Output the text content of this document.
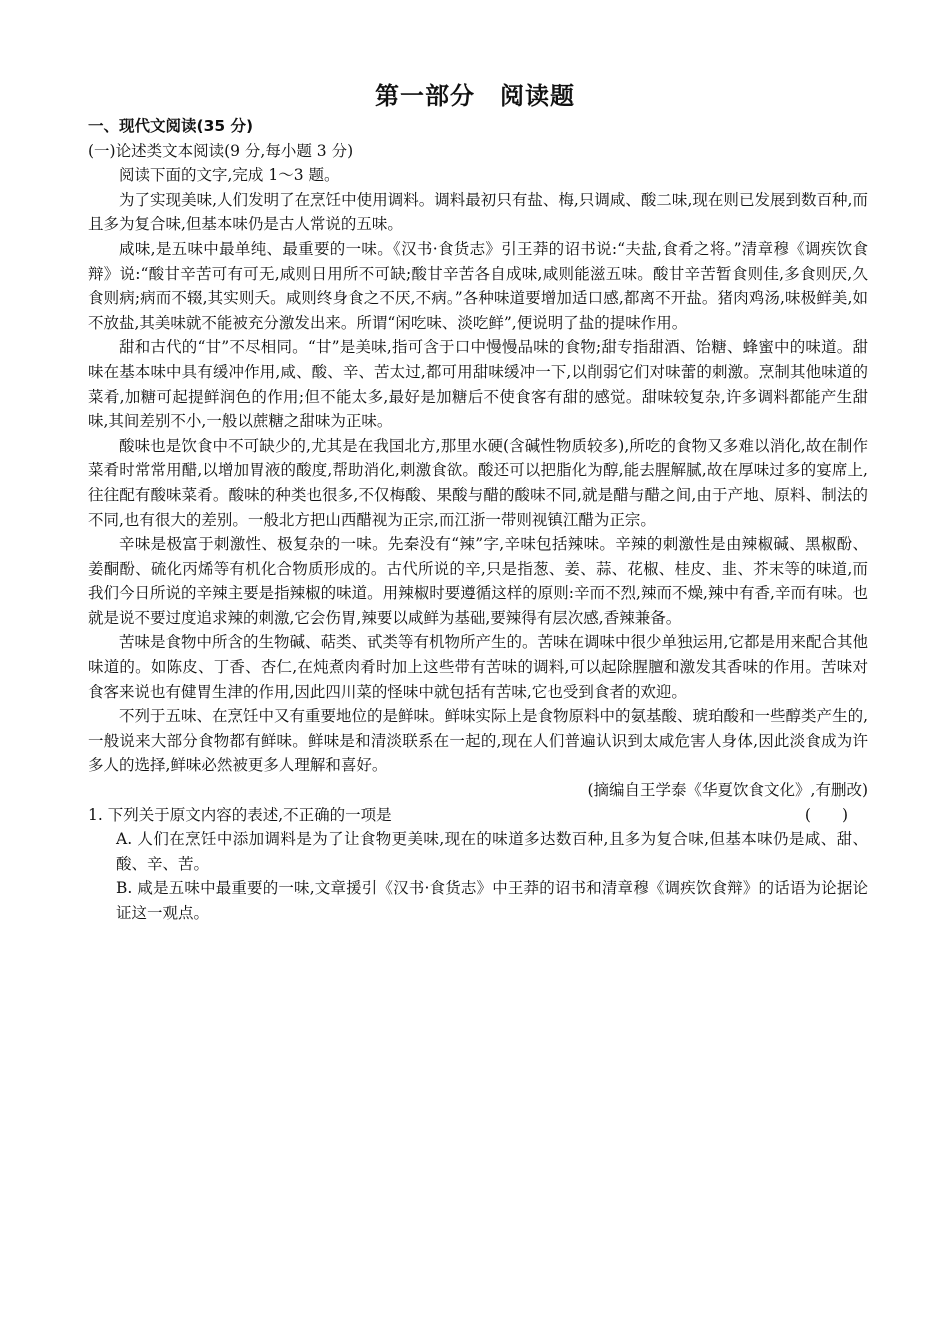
第一部分　阅读题

一、现代文阅读(35 分)

(一)论述类文本阅读(9 分,每小题 3 分)

阅读下面的文字,完成 1～3 题。

为了实现美味,人们发明了在烹饪中使用调料。调料最初只有盐、梅,只调咸、酸二味,现在则已发展到数百种,而且多为复合味,但基本味仍是古人常说的五味。

咸味,是五味中最单纯、最重要的一味。《汉书·食货志》引王莽的诏书说:“夫盐,食肴之将。”清章穆《调疾饮食辩》说:“酸甘辛苦可有可无,咸则日用所不可缺;酸甘辛苦各自成味,咸则能滋五味。酸甘辛苦暂食则佳,多食则厌,久食则病;病而不辍,其实则夭。咸则终身食之不厌,不病。”各种味道要增加适口感,都离不开盐。猪肉鸡汤,味极鲜美,如不放盐,其美味就不能被充分激发出来。所谓“闲吃味、淡吃鲜”,便说明了盐的提味作用。

甜和古代的“甘”不尽相同。“甘”是美味,指可含于口中慢慢品味的食物;甜专指甜酒、饴糖、蜂蜜中的味道。甜味在基本味中具有缓冲作用,咸、酸、辛、苦太过,都可用甜味缓冲一下,以削弱它们对味蕾的刺激。烹制其他味道的菜肴,加糖可起提鲜润色的作用;但不能太多,最好是加糖后不使食客有甜的感觉。甜味较复杂,许多调料都能产生甜味,其间差别不小,一般以蔗糖之甜味为正味。

酸味也是饮食中不可缺少的,尤其是在我国北方,那里水硬(含碱性物质较多),所吃的食物又多难以消化,故在制作菜肴时常常用醋,以增加胃液的酸度,帮助消化,刺激食欲。酸还可以把脂化为醇,能去腥解腻,故在厚味过多的宴席上,往往配有酸味菜肴。酸味的种类也很多,不仅梅酸、果酸与醋的酸味不同,就是醋与醋之间,由于产地、原料、制法的不同,也有很大的差别。一般北方把山西醋视为正宗,而江浙一带则视镇江醋为正宗。

辛味是极富于刺激性、极复杂的一味。先秦没有“辣”字,辛味包括辣味。辛辣的刺激性是由辣椒碱、黑椒酚、姜酮酚、硫化丙烯等有机化合物质形成的。古代所说的辛,只是指葱、姜、蒜、花椒、桂皮、韭、芥末等的味道,而我们今日所说的辛辣主要是指辣椒的味道。用辣椒时要遵循这样的原则:辛而不烈,辣而不燥,辣中有香,辛而有味。也就是说不要过度追求辣的刺激,它会伤胃,辣要以咸鲜为基础,要辣得有层次感,香辣兼备。

苦味是食物中所含的生物碱、萜类、甙类等有机物所产生的。苦味在调味中很少单独运用,它都是用来配合其他味道的。如陈皮、丁香、杏仁,在炖煮肉肴时加上这些带有苦味的调料,可以起除腥膻和激发其香味的作用。苦味对食客来说也有健胃生津的作用,因此四川菜的怪味中就包括有苦味,它也受到食者的欢迎。

不列于五味、在烹饪中又有重要地位的是鲜味。鲜味实际上是食物原料中的氨基酸、琥珀酸和一些醇类产生的,一般说来大部分食物都有鲜味。鲜味是和清淡联系在一起的,现在人们普遍认识到太咸危害人身体,因此淡食成为许多人的选择,鲜味必然被更多人理解和喜好。

(摘编自王学泰《华夏饮食文化》,有删改)

1. 下列关于原文内容的表述,不正确的一项是	(　　)

A. 人们在烹饪中添加调料是为了让食物更美味,现在的味道多达数百种,且多为复合味,但基本味仍是咸、甜、酸、辛、苦。

B. 咸是五味中最重要的一味,文章援引《汉书·食货志》中王莽的诏书和清章穆《调疾饮食辩》的话语为论据论证这一观点。
